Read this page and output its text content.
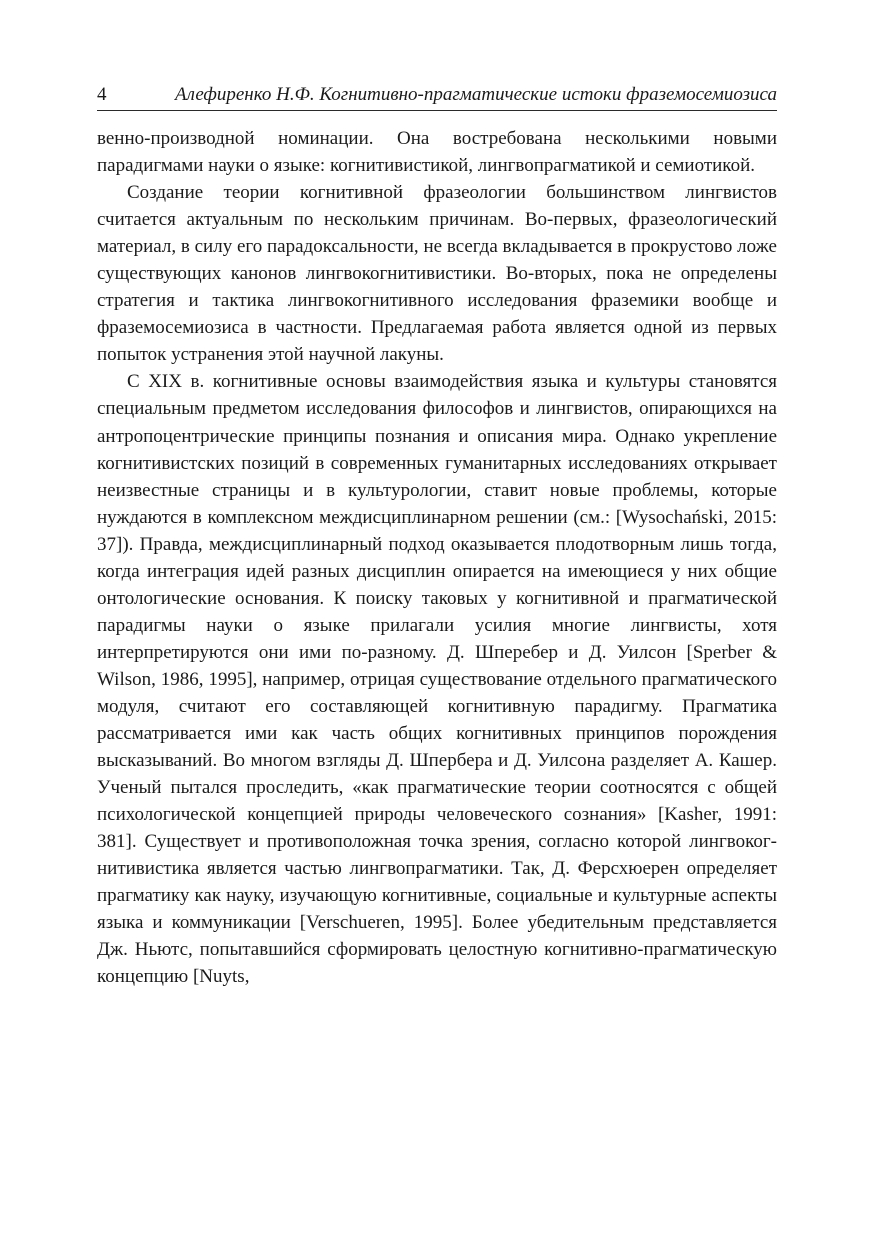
4	Алефиренко Н.Ф. Когнитивно-прагматические истоки фраземосемиозиса

венно-производной номинации. Она востребована несколькими новыми парадигмами науки о языке: когнитивистикой, лингвопрагматикой и семиотикой.

Создание теории когнитивной фразеологии большинством лингвистов считается актуальным по нескольким причинам. Во-первых, фразеологический материал, в силу его парадоксальности, не всегда вкладывается в прокрустово ложе существующих канонов лингвокогнитивистики. Во-вторых, пока не определены стратегия и тактика лингвокогнитивного исследования фраземики вообще и фраземосемиозиса в частности. Предлагаемая работа является одной из первых попыток устранения этой научной лакуны.

С XIX в. когнитивные основы взаимодействия языка и культуры становятся специальным предметом исследования философов и лингвистов, опирающихся на антропоцентрические принципы познания и описания мира. Однако укрепление когнитивистских позиций в современных гуманитарных исследованиях открывает неизвестные страницы и в культурологии, ставит новые проблемы, которые нуждаются в комплексном междисциплинарном решении (см.: [Wysochański, 2015: 37]). Правда, междисциплинарный подход оказывается плодотворным лишь тогда, когда интеграция идей разных дисциплин опирается на имеющиеся у них общие онтологические основания. К поиску таковых у когнитивной и прагматической парадигмы науки о языке прилагали усилия многие лингвисты, хотя интерпретируются они ими по-разному. Д. Шперебер и Д. Уилсон [Sperber & Wilson, 1986, 1995], например, отрицая существование отдельного прагматического модуля, считают его составляющей когнитивную парадигму. Прагматика рассматривается ими как часть общих когнитивных принципов порождения высказываний. Во многом взгляды Д. Шпербера и Д. Уилсона разделяет А. Кашер. Ученый пытался проследить, «как прагматические теории соотносятся с общей психологической концепцией природы человеческого сознания» [Kasher, 1991: 381]. Существует и противоположная точка зрения, согласно которой лингвокогнитивистика является частью лингвопрагматики. Так, Д. Ферсхюерен определяет прагматику как науку, изучающую когнитивные, социальные и культурные аспекты языка и коммуникации [Verschueren, 1995]. Более убедительным представляется Дж. Ньютс, попытавшийся сформировать целостную когнитивно-прагматическую концепцию [Nuyts,
